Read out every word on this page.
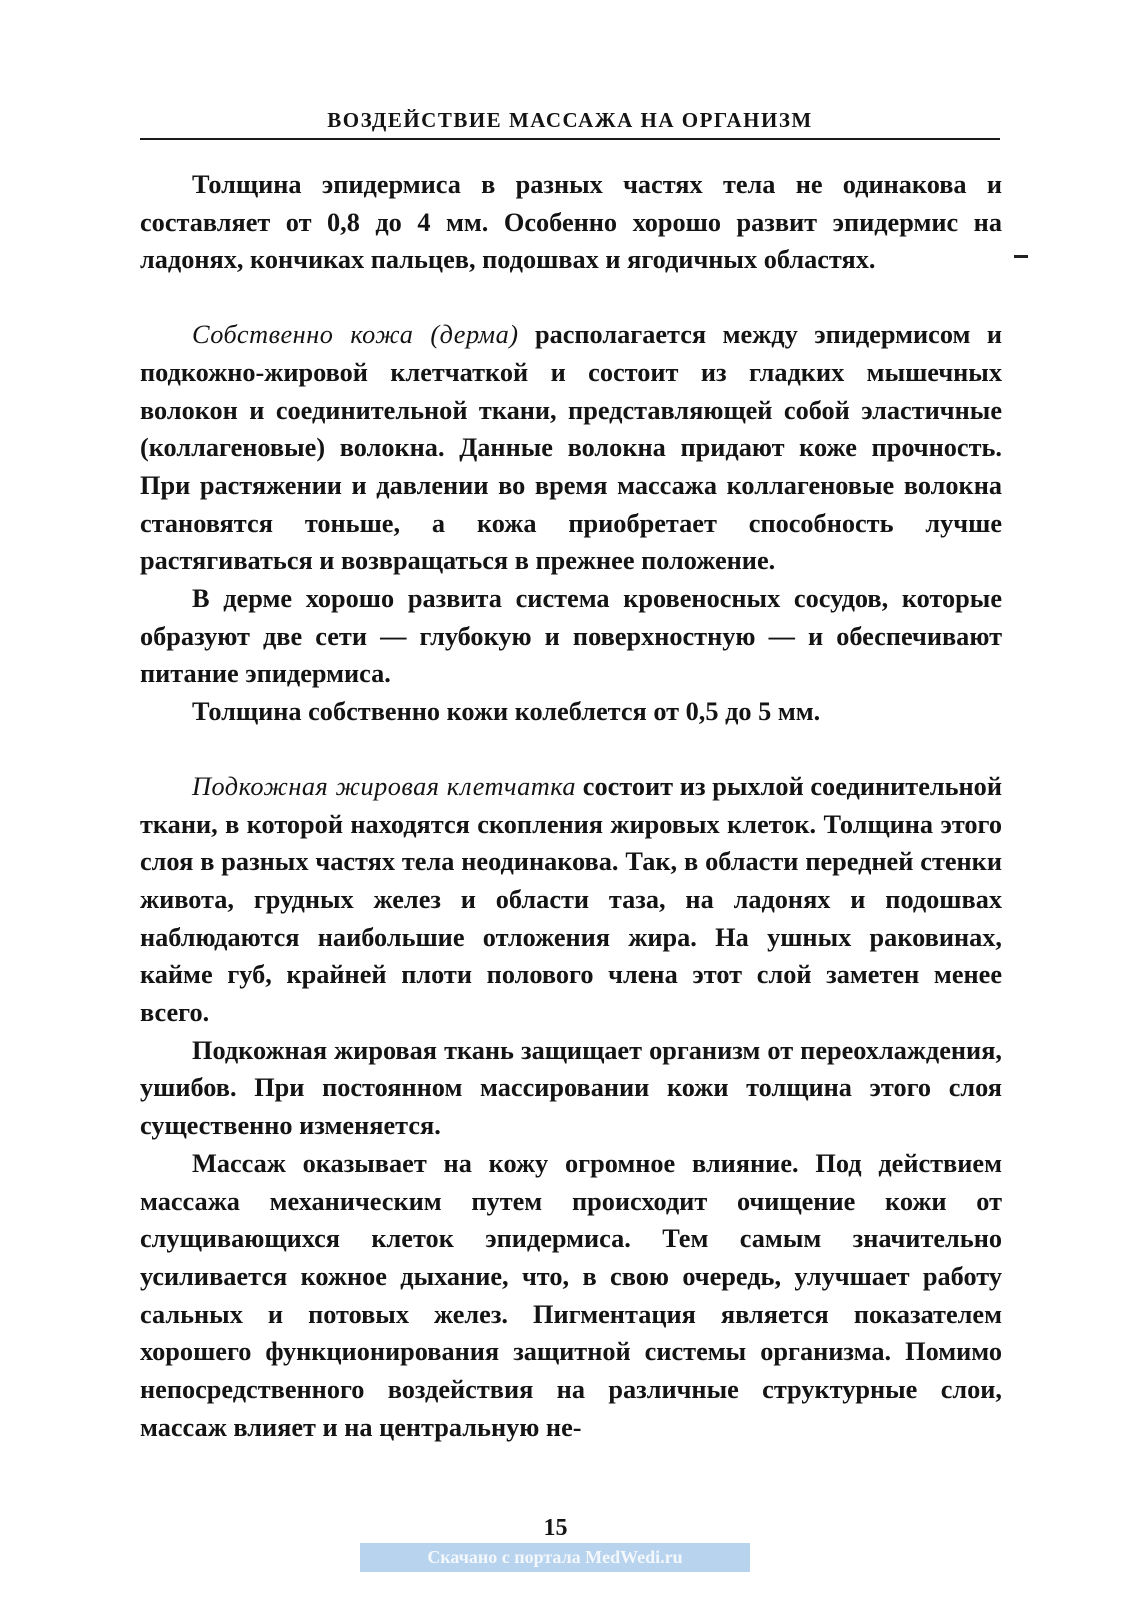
ВОЗДЕЙСТВИЕ МАССАЖА НА ОРГАНИЗМ

Толщина эпидермиса в разных частях тела не одинакова и составляет от 0,8 до 4 мм. Особенно хорошо развит эпидермис на ладонях, кончиках пальцев, подошвах и ягодичных областях.

Собственно кожа (дерма) располагается между эпидермисом и подкожно-жировой клетчаткой и состоит из гладких мышечных волокон и соединительной ткани, представляющей собой эластичные (коллагеновые) волокна. Данные волокна придают коже прочность. При растяжении и давлении во время массажа коллагеновые волокна становятся тоньше, а кожа приобретает способность лучше растягиваться и возвращаться в прежнее положение.

В дерме хорошо развита система кровеносных сосудов, которые образуют две сети — глубокую и поверхностную — и обеспечивают питание эпидермиса.

Толщина собственно кожи колеблется от 0,5 до 5 мм.

Подкожная жировая клетчатка состоит из рыхлой соединительной ткани, в которой находятся скопления жировых клеток. Толщина этого слоя в разных частях тела неодинакова. Так, в области передней стенки живота, грудных желез и области таза, на ладонях и подошвах наблюдаются наибольшие отложения жира. На ушных раковинах, кайме губ, крайней плоти полового члена этот слой заметен менее всего.

Подкожная жировая ткань защищает организм от переохлаждения, ушибов. При постоянном массировании кожи толщина этого слоя существенно изменяется.

Массаж оказывает на кожу огромное влияние. Под действием массажа механическим путем происходит очищение кожи от слущивающихся клеток эпидермиса. Тем самым значительно усиливается кожное дыхание, что, в свою очередь, улучшает работу сальных и потовых желез. Пигментация является показателем хорошего функционирования защитной системы организма. Помимо непосредственного воздействия на различные структурные слои, массаж влияет и на центральную не-

15
Скачано с портала MedWedi.ru
